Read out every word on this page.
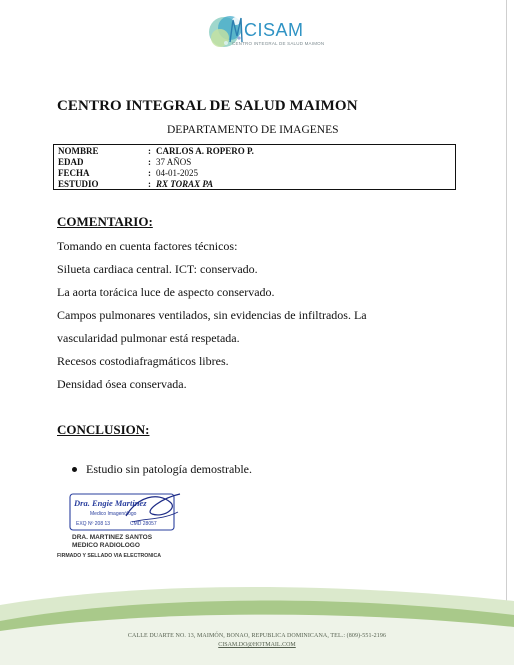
CISAM
CENTRO INTEGRAL DE SALUD MAIMON
CENTRO INTEGRAL DE SALUD MAIMON
DEPARTAMENTO DE IMAGENES
NOMBRE	: CARLOS A. ROPERO P.
EDAD	: 37 AÑOS
FECHA	: 04-01-2025
ESTUDIO	: RX TORAX PA
COMENTARIO:
Tomando en cuenta factores técnicos:
Silueta cardiaca central. ICT: conservado.
La aorta torácica luce de aspecto conservado.
Campos pulmonares ventilados, sin evidencias de infiltrados. La
vascularidad pulmonar está respetada.
Recesos costodiafragmáticos libres.
Densidad ósea conservada.
CONCLUSION:
Estudio sin patología demostrable.
Dra. Engie Martinez
Medico Imagenólogo
EXQ Nº 208 13	CMD 28057
DRA. MARTINEZ SANTOS
MEDICO RADIOLOGO
FIRMADO Y SELLADO VIA ELECTRONICA
CALLE DUARTE NO. 13, MAIMÓN, BONAO, REPUBLICA DOMINICANA, TEL.: (809)-551-2196
CISAM.DO@HOTMAIL.COM
